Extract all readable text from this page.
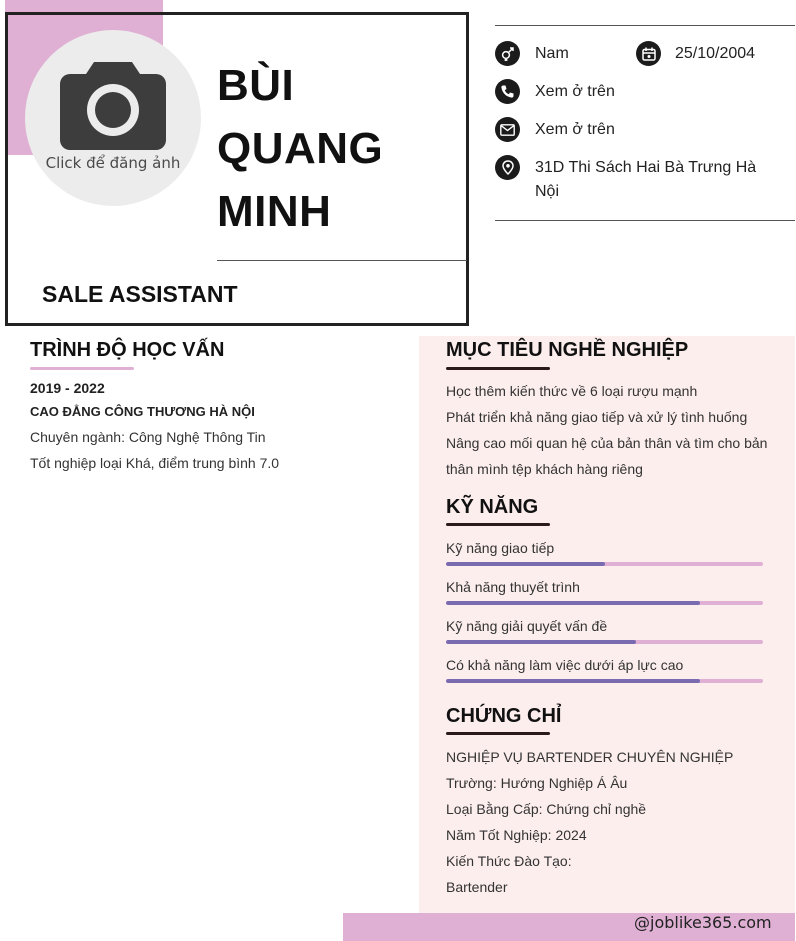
Click để đăng ảnh
BÙI
QUANG
MINH
SALE ASSISTANT
Nam	25/10/2004
Xem ở trên
Xem ở trên
31D Thi Sách Hai Bà Trưng Hà Nội
TRÌNH ĐỘ HỌC VẤN
2019 - 2022
CAO ĐẲNG CÔNG THƯƠNG HÀ NỘI
Chuyên ngành: Công Nghệ Thông Tin
Tốt nghiệp loại Khá, điểm trung bình 7.0
MỤC TIÊU NGHỀ NGHIỆP
Học thêm kiến thức về 6 loại rượu mạnh
Phát triển khả năng giao tiếp và xử lý tình huống
Nâng cao mối quan hệ của bản thân và tìm cho bản
thân mình tệp khách hàng riêng
KỸ NĂNG
Kỹ năng giao tiếp
Khả năng thuyết trình
Kỹ năng giải quyết vấn đề
Có khả năng làm việc dưới áp lực cao
CHỨNG CHỈ
NGHIỆP VỤ BARTENDER CHUYÊN NGHIỆP
Trường: Hướng Nghiệp Á Âu
Loại Bằng Cấp: Chứng chỉ nghề
Năm Tốt Nghiệp: 2024
Kiến Thức Đào Tạo:
Bartender
@joblike365.com
